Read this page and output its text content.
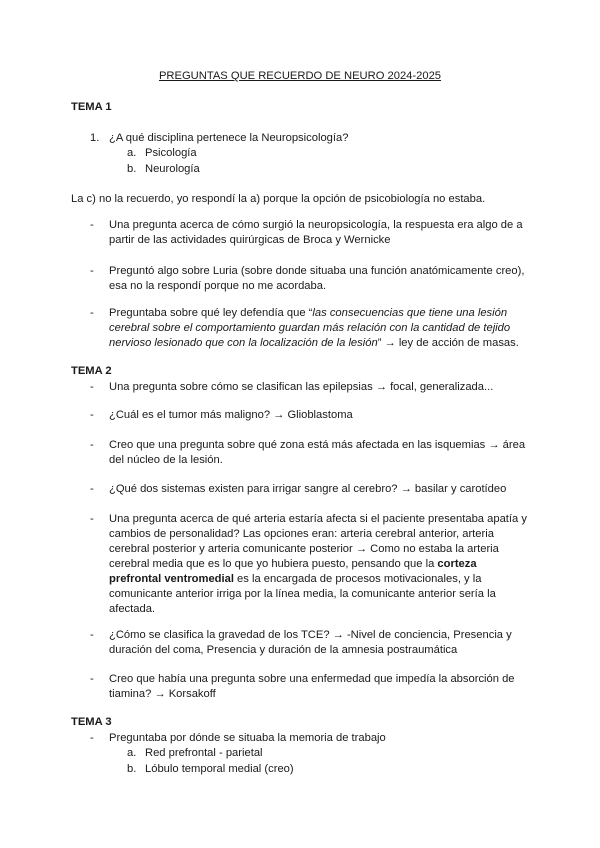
PREGUNTAS QUE RECUERDO DE NEURO 2024-2025
TEMA 1
1. ¿A qué disciplina pertenece la Neuropsicología?
a. Psicología
b. Neurología
La c) no la recuerdo, yo respondí la a) porque la opción de psicobiología no estaba.
- Una pregunta acerca de cómo surgió la neuropsicología, la respuesta era algo de a partir de las actividades quirúrgicas de Broca y Wernicke
- Preguntó algo sobre Luria (sobre donde situaba una función anatómicamente creo), esa no la respondí porque no me acordaba.
- Preguntaba sobre qué ley defendía que “las consecuencias que tiene una lesión cerebral sobre el comportamiento guardan más relación con la cantidad de tejido nervioso lesionado que con la localización de la lesión” → ley de acción de masas.
TEMA 2
- Una pregunta sobre cómo se clasifican las epilepsias → focal, generalizada...
- ¿Cuál es el tumor más maligno? → Glioblastoma
- Creo que una pregunta sobre qué zona está más afectada en las isquemias → área del núcleo de la lesión.
- ¿Qué dos sistemas existen para irrigar sangre al cerebro? → basilar y carotídeo
- Una pregunta acerca de qué arteria estaría afecta si el paciente presentaba apatía y cambios de personalidad? Las opciones eran: arteria cerebral anterior, arteria cerebral posterior y arteria comunicante posterior → Como no estaba la arteria cerebral media que es lo que yo hubiera puesto, pensando que la corteza prefrontal ventromedial es la encargada de procesos motivacionales, y la comunicante anterior irriga por la línea media, la comunicante anterior sería la afectada.
- ¿Cómo se clasifica la gravedad de los TCE? → -Nivel de conciencia, Presencia y duración del coma, Presencia y duración de la amnesia postraumática
- Creo que había una pregunta sobre una enfermedad que impedía la absorción de tiamina? → Korsakoff
TEMA 3
- Preguntaba por dónde se situaba la memoria de trabajo
a. Red prefrontal - parietal
b. Lóbulo temporal medial (creo)
